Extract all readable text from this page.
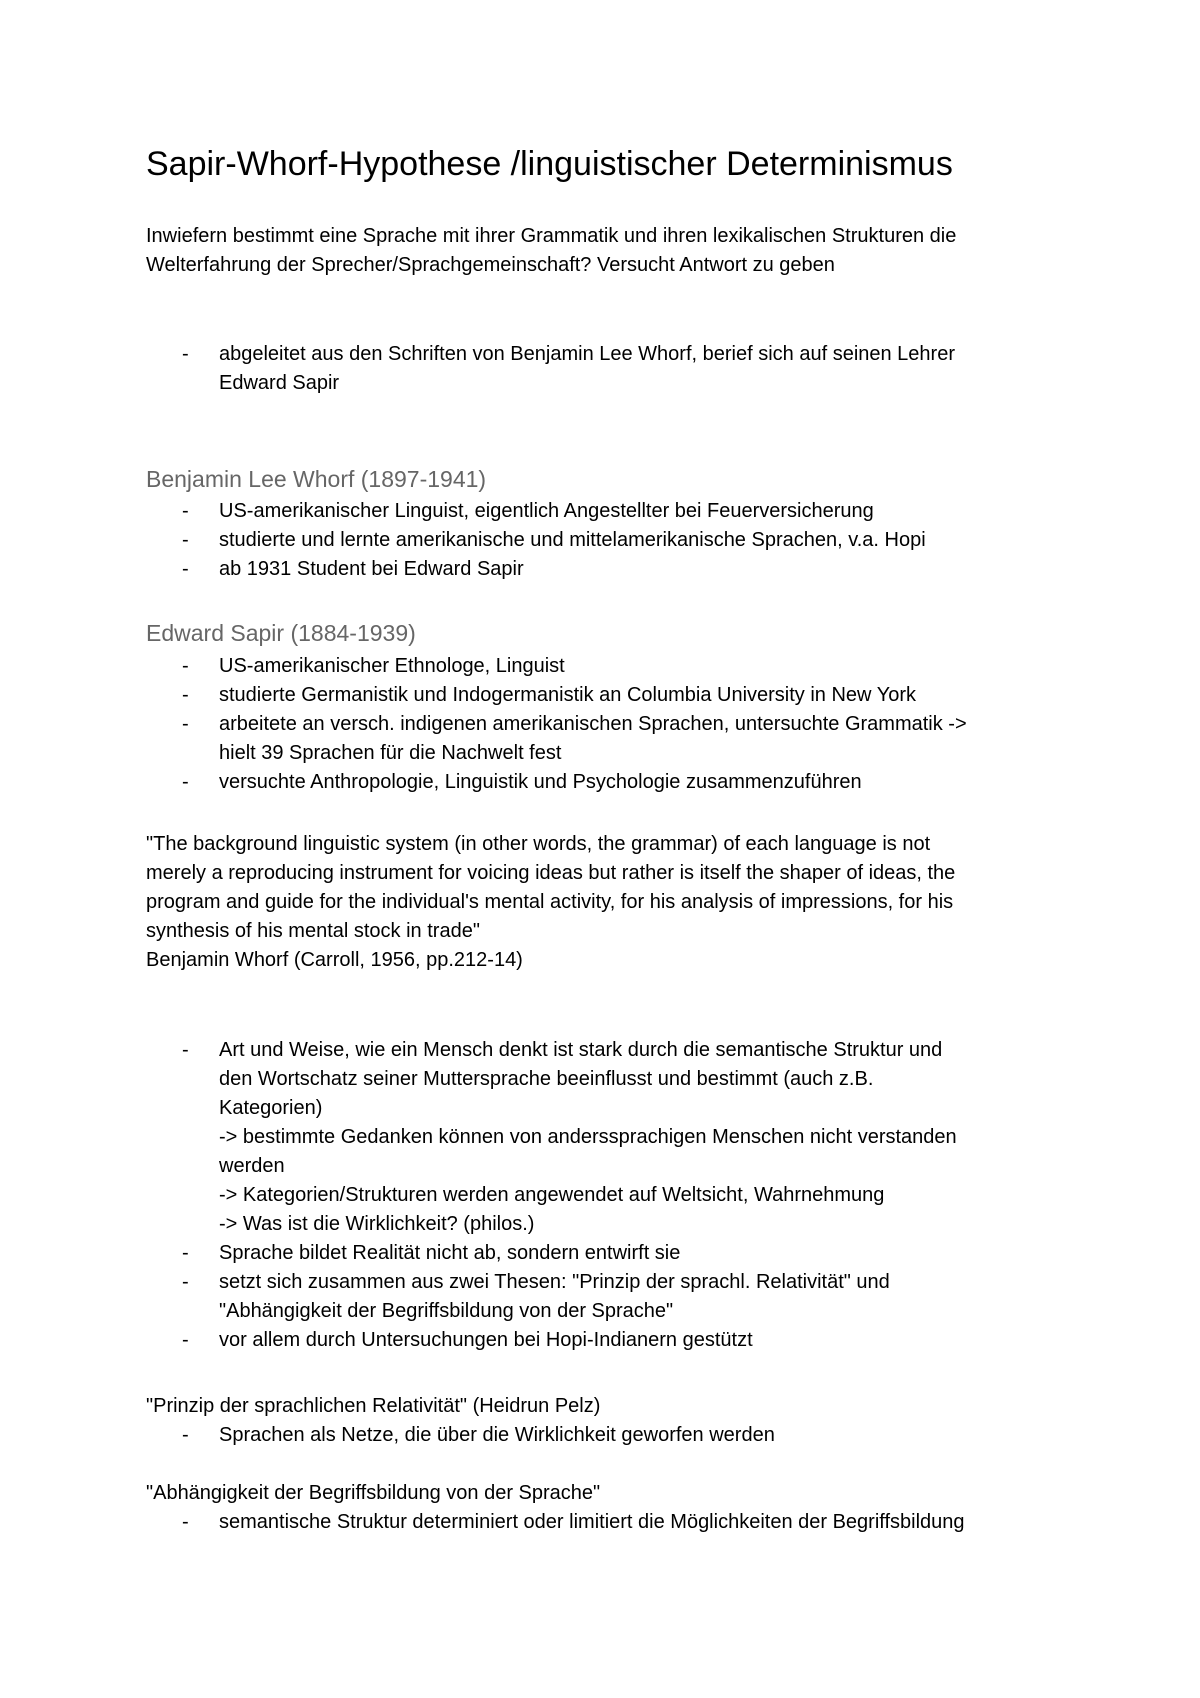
Sapir-Whorf-Hypothese /linguistischer Determinismus

Inwiefern bestimmt eine Sprache mit ihrer Grammatik und ihren lexikalischen Strukturen die
Welterfahrung der Sprecher/Sprachgemeinschaft? Versucht Antwort zu geben

- abgeleitet aus den Schriften von Benjamin Lee Whorf, berief sich auf seinen Lehrer
Edward Sapir
Benjamin Lee Whorf (1897-1941)
- US-amerikanischer Linguist, eigentlich Angestellter bei Feuerversicherung
- studierte und lernte amerikanische und mittelamerikanische Sprachen, v.a. Hopi
- ab 1931 Student bei Edward Sapir
Edward Sapir (1884-1939)
- US-amerikanischer Ethnologe, Linguist
- studierte Germanistik und Indogermanistik an Columbia University in New York
- arbeitete an versch. indigenen amerikanischen Sprachen, untersuchte Grammatik ->
hielt 39 Sprachen für die Nachwelt fest
- versuchte Anthropologie, Linguistik und Psychologie zusammenzuführen

"The background linguistic system (in other words, the grammar) of each language is not
merely a reproducing instrument for voicing ideas but rather is itself the shaper of ideas, the
program and guide for the individual's mental activity, for his analysis of impressions, for his
synthesis of his mental stock in trade"
Benjamin Whorf (Carroll, 1956, pp.212-14)

- Art und Weise, wie ein Mensch denkt ist stark durch die semantische Struktur und
den Wortschatz seiner Muttersprache beeinflusst und bestimmt (auch z.B.
Kategorien)
-> bestimmte Gedanken können von anderssprachigen Menschen nicht verstanden
werden
-> Kategorien/Strukturen werden angewendet auf Weltsicht, Wahrnehmung
-> Was ist die Wirklichkeit? (philos.)
- Sprache bildet Realität nicht ab, sondern entwirft sie
- setzt sich zusammen aus zwei Thesen: "Prinzip der sprachl. Relativität" und
"Abhängigkeit der Begriffsbildung von der Sprache"
- vor allem durch Untersuchungen bei Hopi-Indianern gestützt

"Prinzip der sprachlichen Relativität" (Heidrun Pelz)

- Sprachen als Netze, die über die Wirklichkeit geworfen werden

"Abhängigkeit der Begriffsbildung von der Sprache"

- semantische Struktur determiniert oder limitiert die Möglichkeiten der Begriffsbildung
